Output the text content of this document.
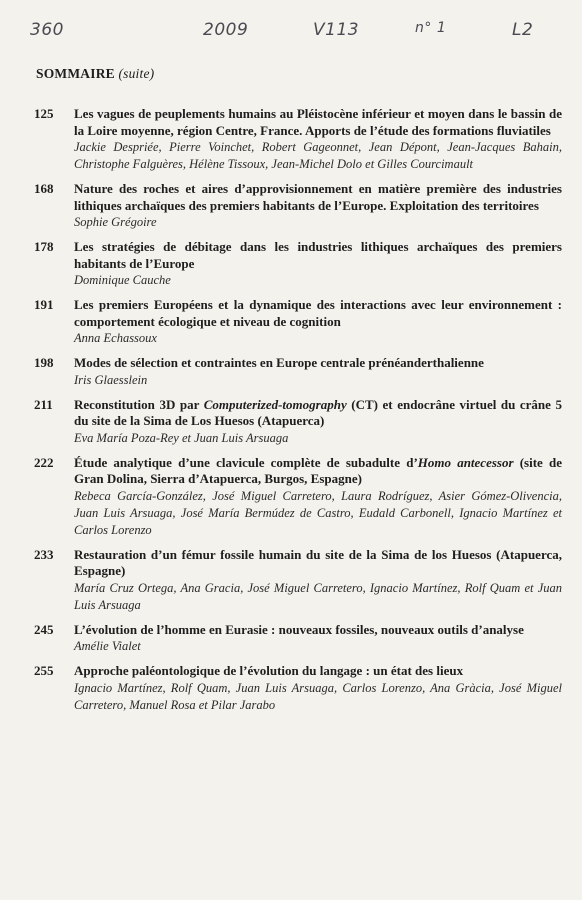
360	2009	V113	n° 1	L2
SOMMAIRE (suite)
125 Les vagues de peuplements humains au Pléistocène inférieur et moyen dans le bassin de la Loire moyenne, région Centre, France. Apports de l’étude des formations fluviatiles
Jackie Despriée, Pierre Voinchet, Robert Gageonnet, Jean Dépont, Jean-Jacques Bahain, Christophe Falguères, Hélène Tissoux, Jean-Michel Dolo et Gilles Courcimault
168 Nature des roches et aires d’approvisionnement en matière première des industries lithiques archaïques des premiers habitants de l’Europe. Exploitation des territoires
Sophie Grégoire
178 Les stratégies de débitage dans les industries lithiques archaïques des premiers habitants de l’Europe
Dominique Cauche
191 Les premiers Européens et la dynamique des interactions avec leur environnement : comportement écologique et niveau de cognition
Anna Echassoux
198 Modes de sélection et contraintes en Europe centrale prénéanderthalienne
Iris Glaesslein
211 Reconstitution 3D par Computerized-tomography (CT) et endocrâne virtuel du crâne 5 du site de la Sima de Los Huesos (Atapuerca)
Eva María Poza-Rey et Juan Luis Arsuaga
222 Étude analytique d’une clavicule complète de subadulte d’Homo antecessor (site de Gran Dolina, Sierra d’Atapuerca, Burgos, Espagne)
Rebeca García-González, José Miguel Carretero, Laura Rodríguez, Asier Gómez-Olivencia, Juan Luis Arsuaga, José María Bermúdez de Castro, Eudald Carbonell, Ignacio Martínez et Carlos Lorenzo
233 Restauration d’un fémur fossile humain du site de la Sima de los Huesos (Atapuerca, Espagne)
María Cruz Ortega, Ana Gracia, José Miguel Carretero, Ignacio Martínez, Rolf Quam et Juan Luis Arsuaga
245 L’évolution de l’homme en Eurasie : nouveaux fossiles, nouveaux outils d’analyse
Amélie Vialet
255 Approche paléontologique de l’évolution du langage : un état des lieux
Ignacio Martínez, Rolf Quam, Juan Luis Arsuaga, Carlos Lorenzo, Ana Gràcia, José Miguel Carretero, Manuel Rosa et Pilar Jarabo
